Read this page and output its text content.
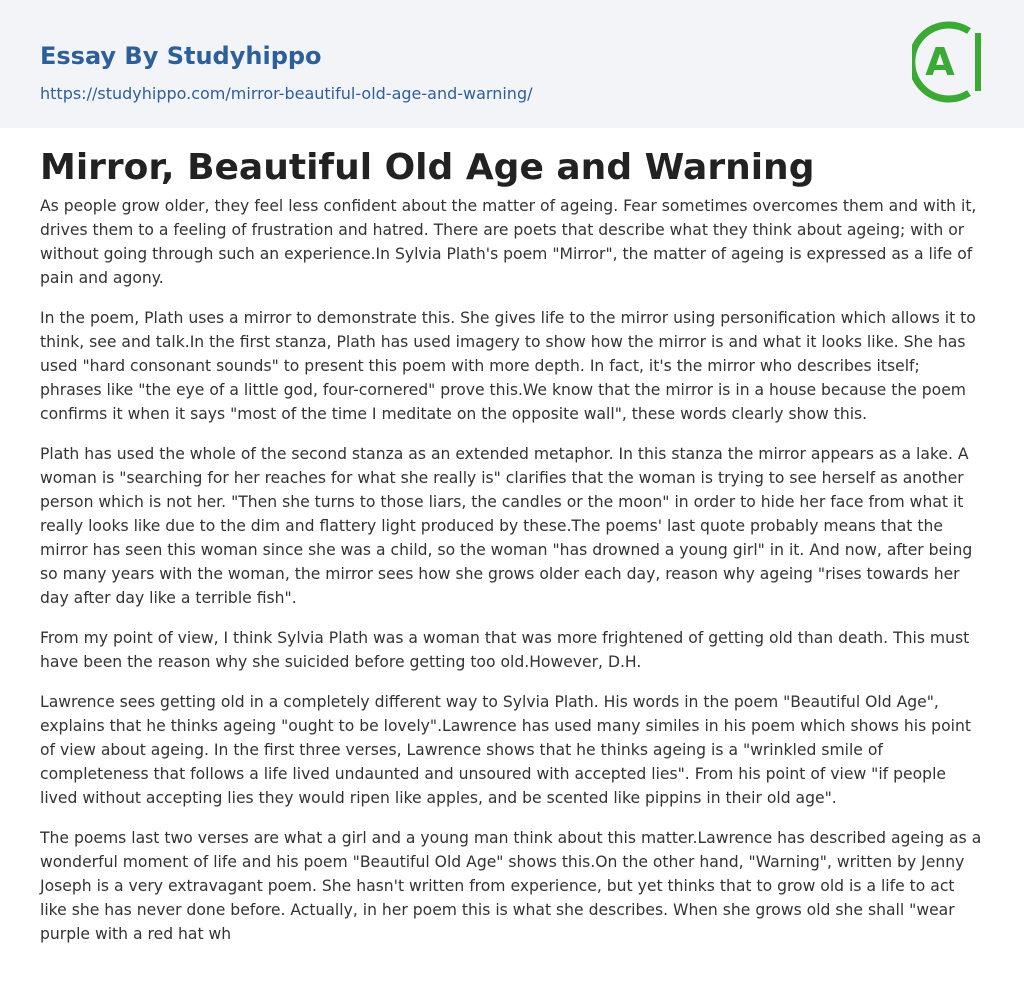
Essay By Studyhippo
https://studyhippo.com/mirror-beautiful-old-age-and-warning/
A
Mirror, Beautiful Old Age and Warning

As people grow older, they feel less confident about the matter of ageing. Fear sometimes overcomes them and with it, drives them to a feeling of frustration and hatred. There are poets that describe what they think about ageing; with or without going through such an experience.In Sylvia Plath's poem "Mirror", the matter of ageing is expressed as a life of pain and agony.

In the poem, Plath uses a mirror to demonstrate this. She gives life to the mirror using personification which allows it to think, see and talk.In the first stanza, Plath has used imagery to show how the mirror is and what it looks like. She has used "hard consonant sounds" to present this poem with more depth. In fact, it's the mirror who describes itself; phrases like "the eye of a little god, four-cornered" prove this.We know that the mirror is in a house because the poem confirms it when it says "most of the time I meditate on the opposite wall", these words clearly show this.

Plath has used the whole of the second stanza as an extended metaphor. In this stanza the mirror appears as a lake. A woman is "searching for her reaches for what she really is" clarifies that the woman is trying to see herself as another person which is not her. "Then she turns to those liars, the candles or the moon" in order to hide her face from what it really looks like due to the dim and flattery light produced by these.The poems' last quote probably means that the mirror has seen this woman since she was a child, so the woman "has drowned a young girl" in it. And now, after being so many years with the woman, the mirror sees how she grows older each day, reason why ageing "rises towards her day after day like a terrible fish".

From my point of view, I think Sylvia Plath was a woman that was more frightened of getting old than death. This must have been the reason why she suicided before getting too old.However, D.H.

Lawrence sees getting old in a completely different way to Sylvia Plath. His words in the poem "Beautiful Old Age", explains that he thinks ageing "ought to be lovely".Lawrence has used many similes in his poem which shows his point of view about ageing. In the first three verses, Lawrence shows that he thinks ageing is a "wrinkled smile of completeness that follows a life lived undaunted and unsoured with accepted lies". From his point of view "if people lived without accepting lies they would ripen like apples, and be scented like pippins in their old age".

The poems last two verses are what a girl and a young man think about this matter.Lawrence has described ageing as a wonderful moment of life and his poem "Beautiful Old Age" shows this.On the other hand, "Warning", written by Jenny Joseph is a very extravagant poem. She hasn't written from experience, but yet thinks that to grow old is a life to act like she has never done before. Actually, in her poem this is what she describes. When she grows old she shall "wear purple with a red hat wh
